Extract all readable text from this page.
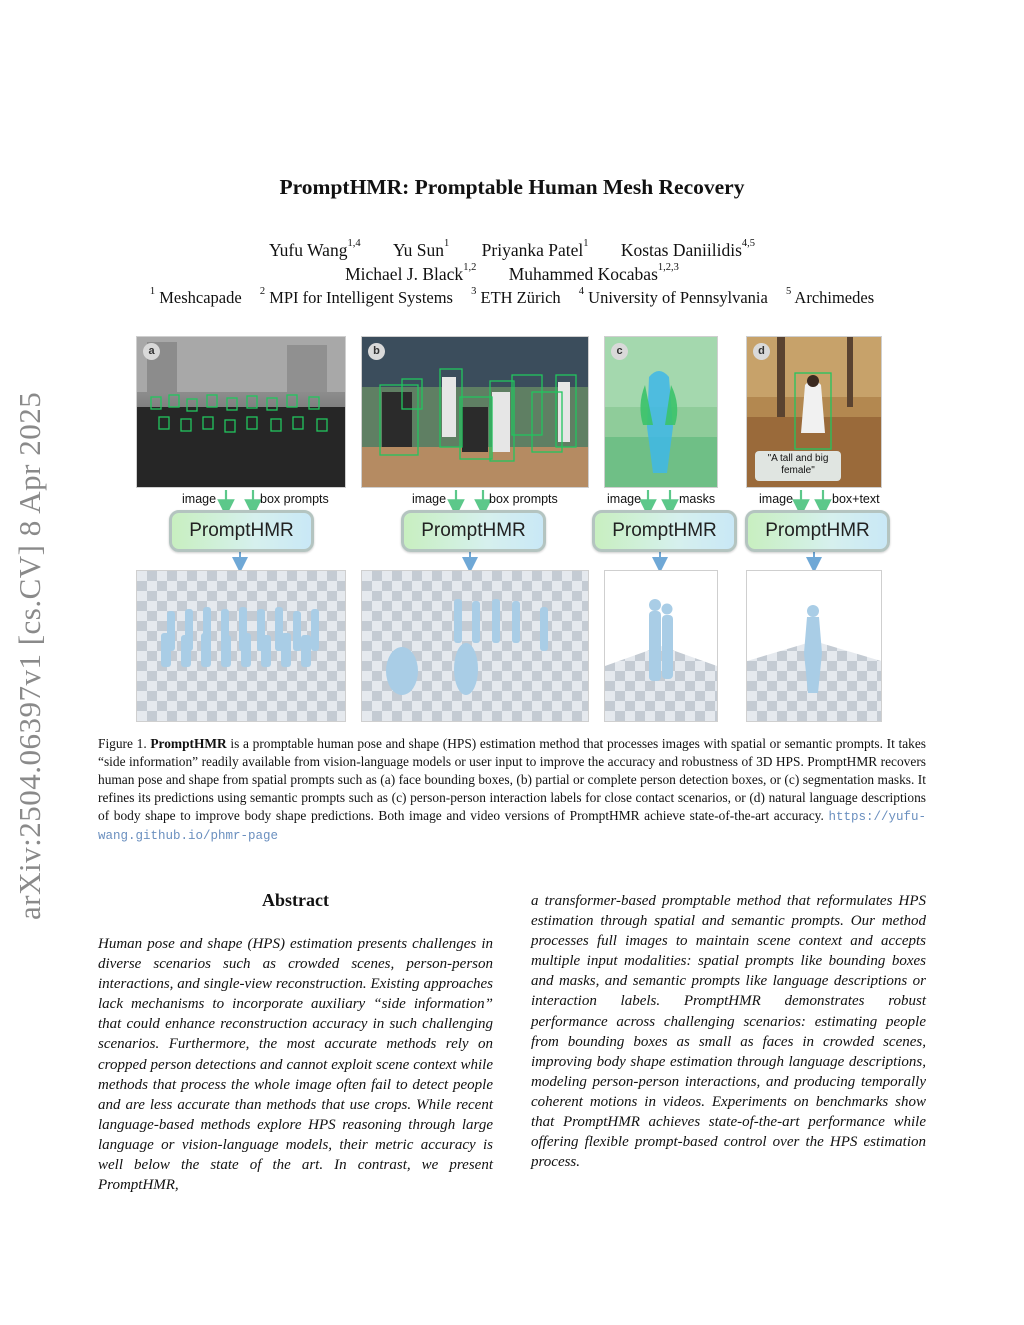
arXiv:2504.06397v1 [cs.CV] 8 Apr 2025
PromptHMR: Promptable Human Mesh Recovery
Yufu Wang$^{1,4}$ Yu Sun$^1$ Priyanka Patel$^1$ Kostas Daniilidis$^{4,5}$
Michael J. Black$^{1,2}$ Muhammed Kocabas$^{1,2,3}$
$^1$ Meshcapade $^2$ MPI for Intelligent Systems $^3$ ETH Zürich $^4$ University of Pennsylvania $^5$ Archimedes
a	b	c
"A tall and big female"
d
image	box prompts	image	box prompts	image	masks	image	box+text
PromptHMR	PromptHMR	PromptHMR	PromptHMR
Figure 1. PromptHMR is a promptable human pose and shape (HPS) estimation method that processes images with spatial or semantic prompts. It takes “side information” readily available from vision-language models or user input to improve the accuracy and robustness of 3D HPS. PromptHMR recovers human pose and shape from spatial prompts such as (a) face bounding boxes, (b) partial or complete person detection boxes, or (c) segmentation masks. It refines its predictions using semantic prompts such as (c) person-person interaction labels for close contact scenarios, or (d) natural language descriptions of body shape to improve body shape predictions. Both image and video versions of PromptHMR achieve state-of-the-art accuracy. https://yufu-wang.github.io/phmr-page
Abstract
Human pose and shape (HPS) estimation presents challenges in diverse scenarios such as crowded scenes, person-person interactions, and single-view reconstruction. Existing approaches lack mechanisms to incorporate auxiliary “side information” that could enhance reconstruction accuracy in such challenging scenarios. Furthermore, the most accurate methods rely on cropped person detections and cannot exploit scene context while methods that process the whole image often fail to detect people and are less accurate than methods that use crops. While recent language-based methods explore HPS reasoning through large language or vision-language models, their metric accuracy is well below the state of the art. In contrast, we present PromptHMR,
a transformer-based promptable method that reformulates HPS estimation through spatial and semantic prompts. Our method processes full images to maintain scene context and accepts multiple input modalities: spatial prompts like bounding boxes and masks, and semantic prompts like language descriptions or interaction labels. PromptHMR demonstrates robust performance across challenging scenarios: estimating people from bounding boxes as small as faces in crowded scenes, improving body shape estimation through language descriptions, modeling person-person interactions, and producing temporally coherent motions in videos. Experiments on benchmarks show that PromptHMR achieves state-of-the-art performance while offering flexible prompt-based control over the HPS estimation process.
